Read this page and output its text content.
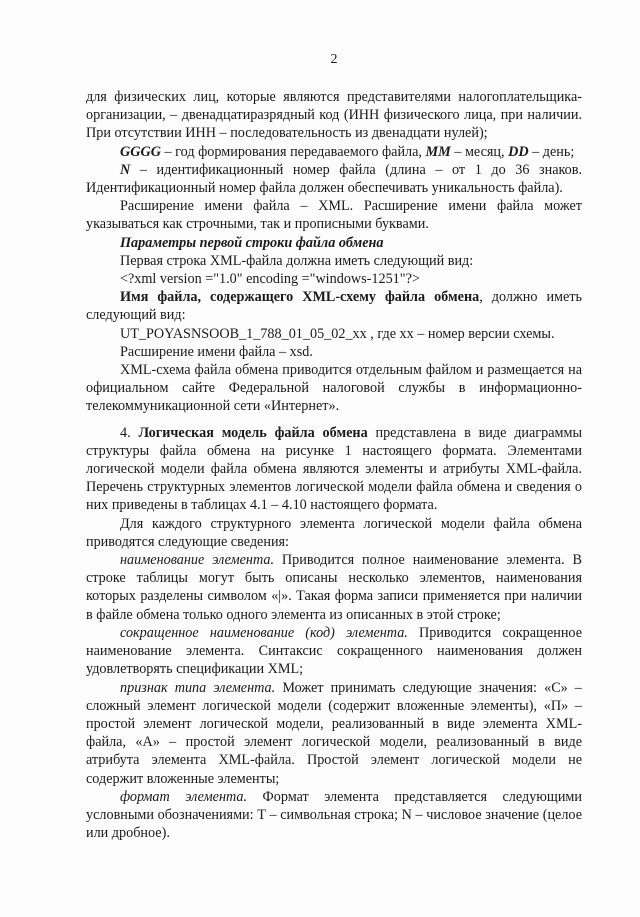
2

для физических лиц, которые являются представителями налогоплательщика-организации, – двенадцатиразрядный код (ИНН физического лица, при наличии. При отсутствии ИНН – последовательность из двенадцати нулей);

GGGG – год формирования передаваемого файла, MM – месяц, DD – день;

N – идентификационный номер файла (длина – от 1 до 36 знаков. Идентификационный номер файла должен обеспечивать уникальность файла).

Расширение имени файла – XML. Расширение имени файла может указываться как строчными, так и прописными буквами.

Параметры первой строки файла обмена

Первая строка XML-файла должна иметь следующий вид:

<?xml version ="1.0" encoding ="windows-1251"?>

Имя файла, содержащего XML-схему файла обмена, должно иметь следующий вид:

UT_POYASNSOOB_1_788_01_05_02_xx , где хх – номер версии схемы.

Расширение имени файла – xsd.

XML-схема файла обмена приводится отдельным файлом и размещается на официальном сайте Федеральной налоговой службы в информационно-телекоммуникационной сети «Интернет».

4. Логическая модель файла обмена представлена в виде диаграммы структуры файла обмена на рисунке 1 настоящего формата. Элементами логической модели файла обмена являются элементы и атрибуты XML-файла. Перечень структурных элементов логической модели файла обмена и сведения о них приведены в таблицах 4.1 – 4.10 настоящего формата.

Для каждого структурного элемента логической модели файла обмена приводятся следующие сведения:

наименование элемента. Приводится полное наименование элемента. В строке таблицы могут быть описаны несколько элементов, наименования которых разделены символом «|». Такая форма записи применяется при наличии в файле обмена только одного элемента из описанных в этой строке;

сокращенное наименование (код) элемента. Приводится сокращенное наименование элемента. Синтаксис сокращенного наименования должен удовлетворять спецификации XML;

признак типа элемента. Может принимать следующие значения: «С» – сложный элемент логической модели (содержит вложенные элементы), «П» – простой элемент логической модели, реализованный в виде элемента XML-файла, «А» – простой элемент логической модели, реализованный в виде атрибута элемента XML-файла. Простой элемент логической модели не содержит вложенные элементы;

формат элемента. Формат элемента представляется следующими условными обозначениями: Т – символьная строка; N – числовое значение (целое или дробное).
